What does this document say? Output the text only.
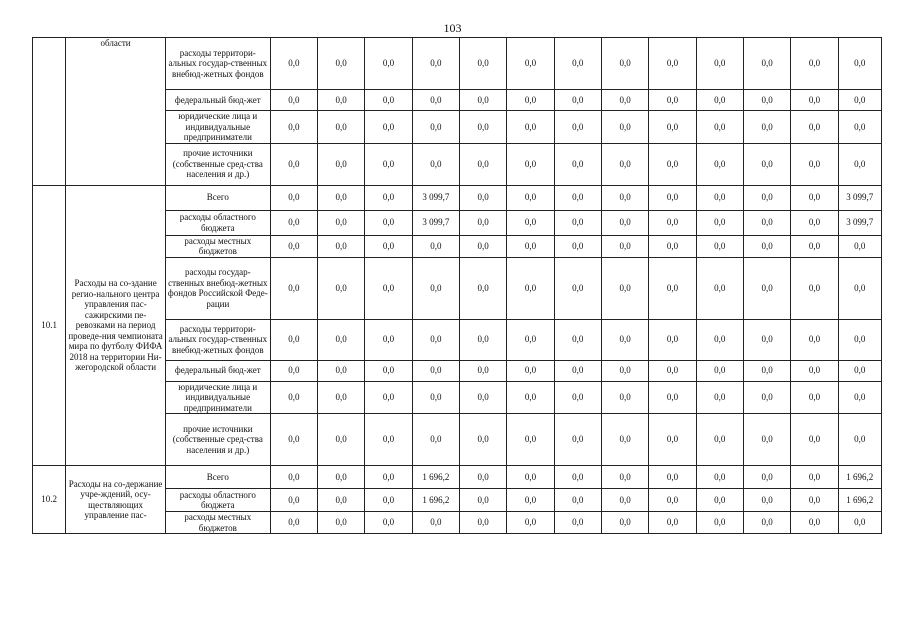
103
	области	расходы территори-альных государ-ственных внебюд-жетных фондов	0,0	0,0	0,0	0,0	0,0	0,0	0,0	0,0	0,0	0,0	0,0	0,0	0,0
		федеральный бюд-жет	0,0	0,0	0,0	0,0	0,0	0,0	0,0	0,0	0,0	0,0	0,0	0,0	0,0
		юридические лица и индивидуальные предприниматели	0,0	0,0	0,0	0,0	0,0	0,0	0,0	0,0	0,0	0,0	0,0	0,0	0,0
		прочие источники (собственные сред-ства населения и др.)	0,0	0,0	0,0	0,0	0,0	0,0	0,0	0,0	0,0	0,0	0,0	0,0	0,0
10.1	Расходы на со-здание регио-нального центра управления пас-сажирскими пе-ревозками на период проведе-ния чемпионата мира по футболу ФИФА 2018 на территории Ни-жегородской области	Всего	0,0	0,0	0,0	3 099,7	0,0	0,0	0,0	0,0	0,0	0,0	0,0	0,0	3 099,7
		расходы областного бюджета	0,0	0,0	0,0	3 099,7	0,0	0,0	0,0	0,0	0,0	0,0	0,0	0,0	3 099,7
		расходы местных бюджетов	0,0	0,0	0,0	0,0	0,0	0,0	0,0	0,0	0,0	0,0	0,0	0,0	0,0
		расходы государ-ственных внебюд-жетных фондов Российской Феде-рации	0,0	0,0	0,0	0,0	0,0	0,0	0,0	0,0	0,0	0,0	0,0	0,0	0,0
		расходы территори-альных государ-ственных внебюд-жетных фондов	0,0	0,0	0,0	0,0	0,0	0,0	0,0	0,0	0,0	0,0	0,0	0,0	0,0
		федеральный бюд-жет	0,0	0,0	0,0	0,0	0,0	0,0	0,0	0,0	0,0	0,0	0,0	0,0	0,0
		юридические лица и индивидуальные предприниматели	0,0	0,0	0,0	0,0	0,0	0,0	0,0	0,0	0,0	0,0	0,0	0,0	0,0
		прочие источники (собственные сред-ства населения и др.)	0,0	0,0	0,0	0,0	0,0	0,0	0,0	0,0	0,0	0,0	0,0	0,0	0,0
10.2	Расходы на со-держание учре-ждений, осу-ществляющих управление пас-	Всего	0,0	0,0	0,0	1 696,2	0,0	0,0	0,0	0,0	0,0	0,0	0,0	0,0	1 696,2
		расходы областного бюджета	0,0	0,0	0,0	1 696,2	0,0	0,0	0,0	0,0	0,0	0,0	0,0	0,0	1 696,2
		расходы местных бюджетов	0,0	0,0	0,0	0,0	0,0	0,0	0,0	0,0	0,0	0,0	0,0	0,0	0,0
